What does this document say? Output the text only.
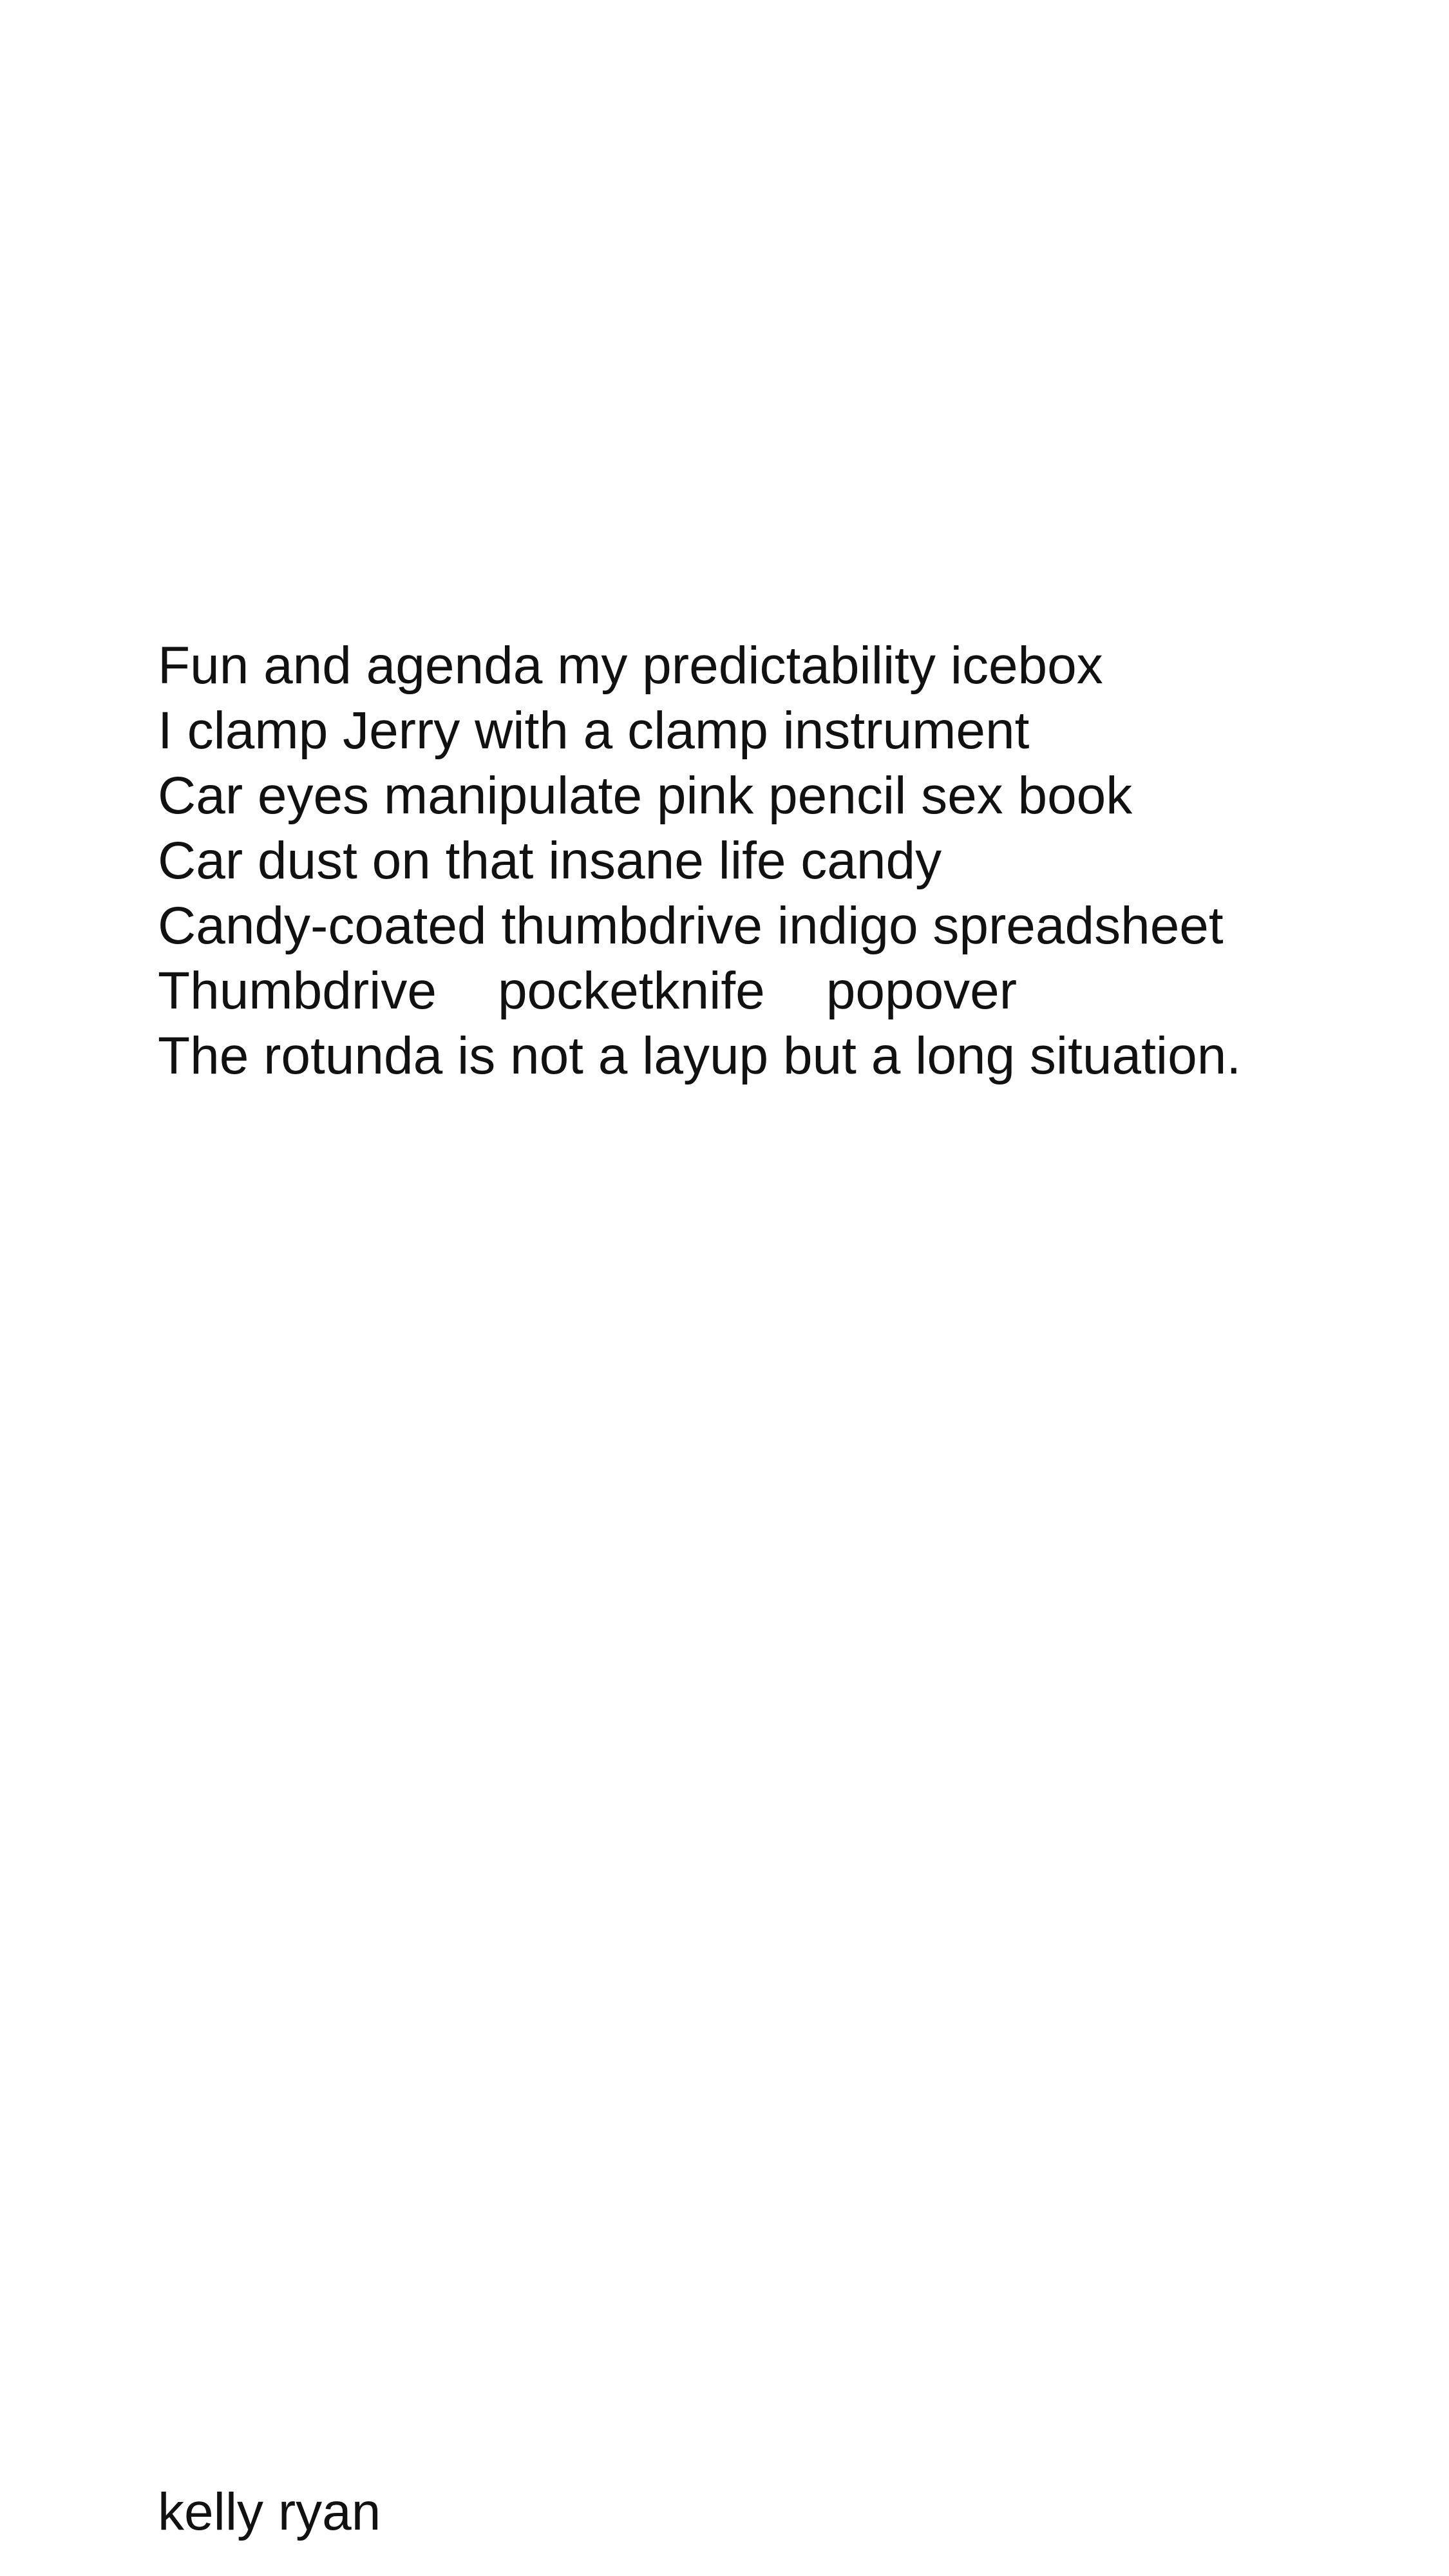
Fun and agenda my predictability icebox
I clamp Jerry with a clamp instrument
Car eyes manipulate pink pencil sex book
Car dust on that insane life candy
Candy-coated thumbdrive indigo spreadsheet
Thumbdrive pocketknife popover
The rotunda is not a layup but a long situation.

kelly ryan
